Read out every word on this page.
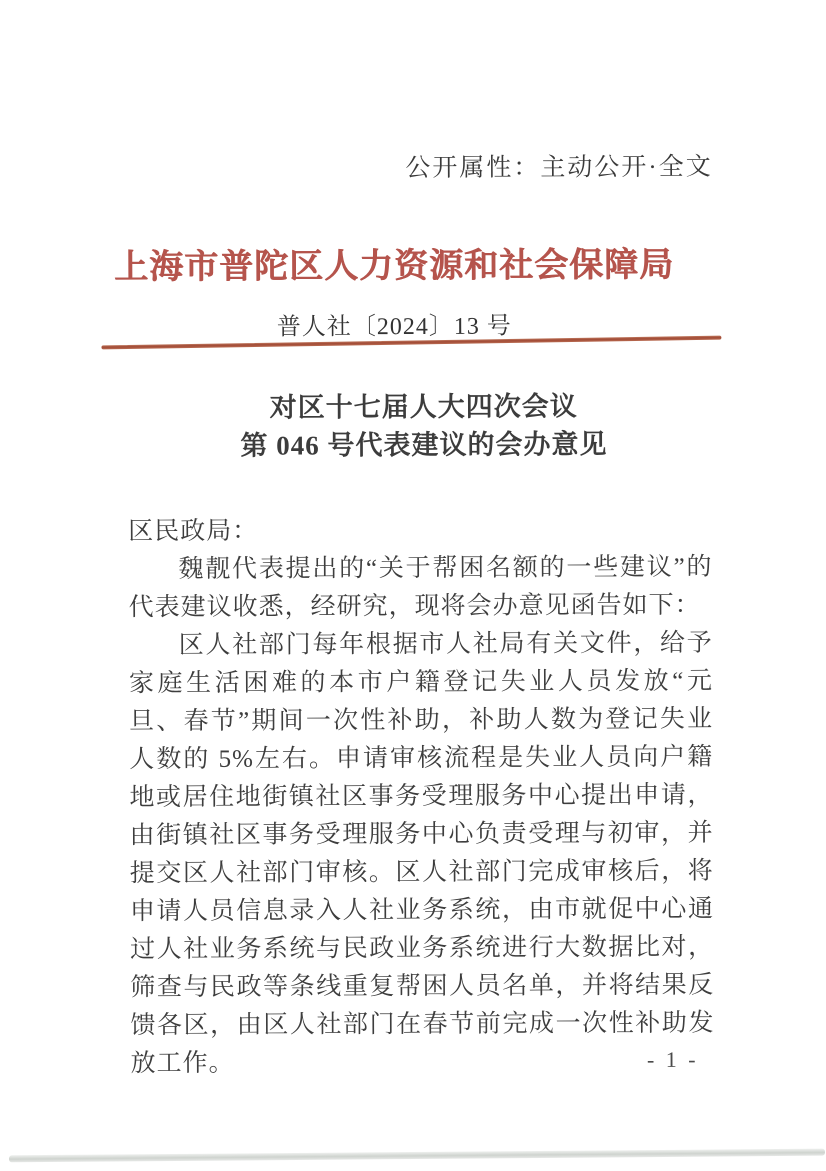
公开属性：主动公开·全文
上海市普陀区人力资源和社会保障局
普人社〔2024〕13 号
对区十七届人大四次会议
第 046 号代表建议的会办意见
区民政局：
魏靓代表提出的“关于帮困名额的一些建议”的代表建议收悉，经研究，现将会办意见函告如下：
区人社部门每年根据市人社局有关文件，给予家庭生活困难的本市户籍登记失业人员发放“元旦、春节”期间一次性补助，补助人数为登记失业人数的 5%左右。申请审核流程是失业人员向户籍地或居住地街镇社区事务受理服务中心提出申请，由街镇社区事务受理服务中心负责受理与初审，并提交区人社部门审核。区人社部门完成审核后，将申请人员信息录入人社业务系统，由市就促中心通过人社业务系统与民政业务系统进行大数据比对，筛查与民政等条线重复帮困人员名单，并将结果反馈各区，由区人社部门在春节前完成一次性补助发放工作。	- 1 -
